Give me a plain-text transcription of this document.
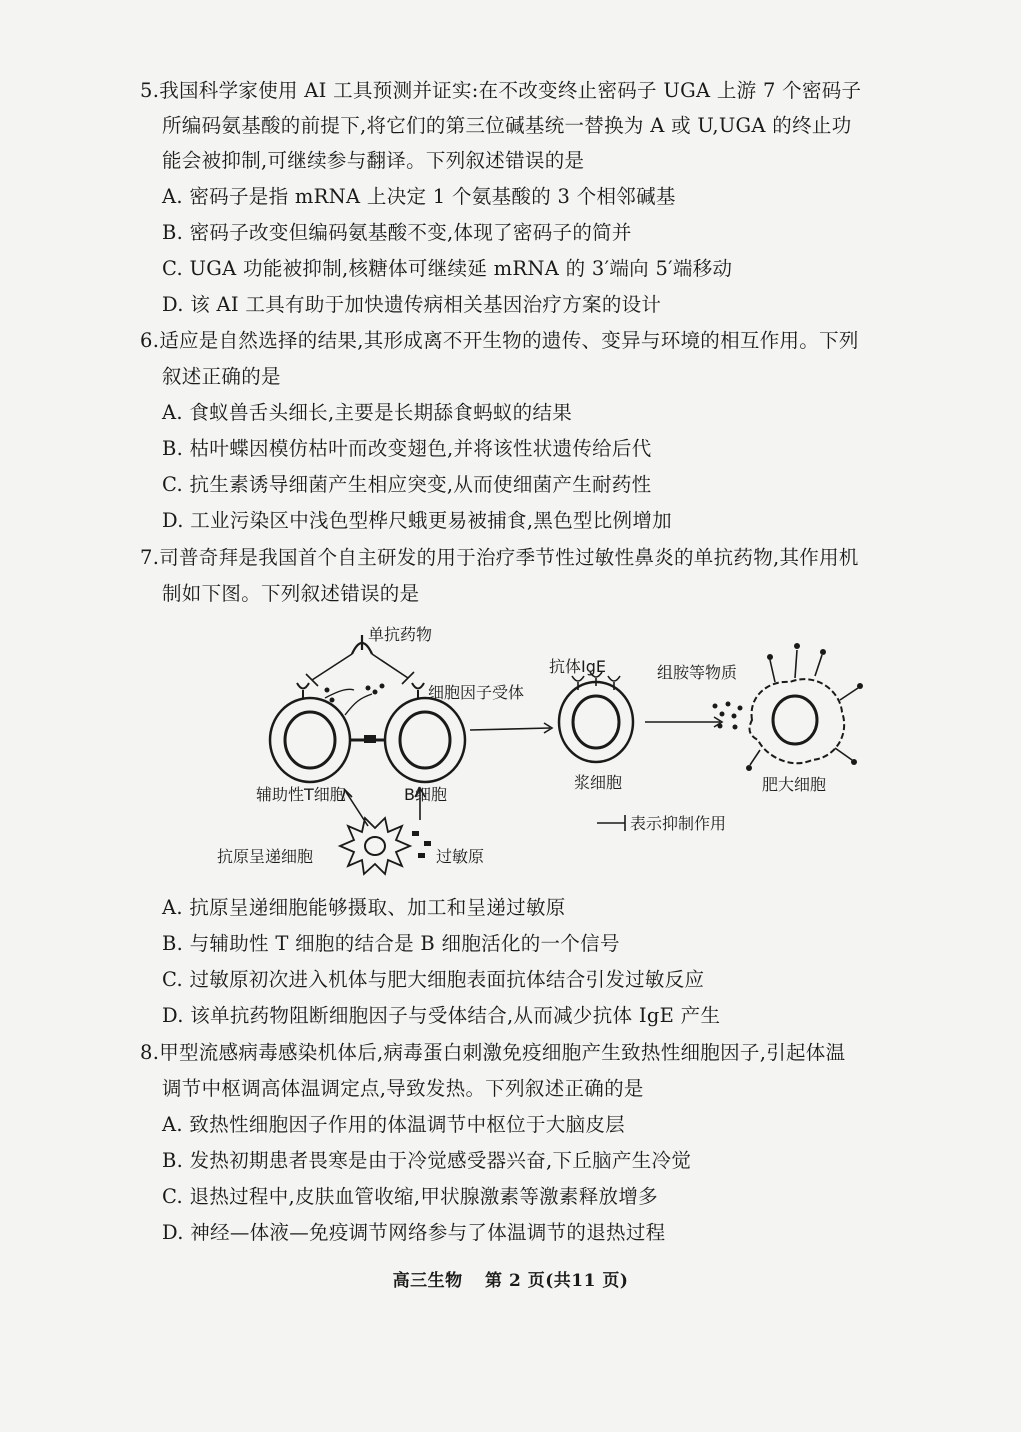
5.我国科学家使用 AI 工具预测并证实:在不改变终止密码子 UGA 上游 7 个密码子
所编码氨基酸的前提下,将它们的第三位碱基统一替换为 A 或 U,UGA 的终止功
能会被抑制,可继续参与翻译。下列叙述错误的是
A. 密码子是指 mRNA 上决定 1 个氨基酸的 3 个相邻碱基
B. 密码子改变但编码氨基酸不变,体现了密码子的简并
C. UGA 功能被抑制,核糖体可继续延 mRNA 的 3′端向 5′端移动
D. 该 AI 工具有助于加快遗传病相关基因治疗方案的设计
6.适应是自然选择的结果,其形成离不开生物的遗传、变异与环境的相互作用。下列
叙述正确的是
A. 食蚁兽舌头细长,主要是长期舔食蚂蚁的结果
B. 枯叶蝶因模仿枯叶而改变翅色,并将该性状遗传给后代
C. 抗生素诱导细菌产生相应突变,从而使细菌产生耐药性
D. 工业污染区中浅色型桦尺蛾更易被捕食,黑色型比例增加
7.司普奇拜是我国首个自主研发的用于治疗季节性过敏性鼻炎的单抗药物,其作用机
制如下图。下列叙述错误的是
单抗药物
细胞因子受体
抗体IgE	组胺等物质
辅助性T细胞	B细胞
浆细胞	肥大细胞
抗原呈递细胞	过敏原
表示抑制作用
A. 抗原呈递细胞能够摄取、加工和呈递过敏原
B. 与辅助性 T 细胞的结合是 B 细胞活化的一个信号
C. 过敏原初次进入机体与肥大细胞表面抗体结合引发过敏反应
D. 该单抗药物阻断细胞因子与受体结合,从而减少抗体 IgE 产生
8.甲型流感病毒感染机体后,病毒蛋白刺激免疫细胞产生致热性细胞因子,引起体温
调节中枢调高体温调定点,导致发热。下列叙述正确的是
A. 致热性细胞因子作用的体温调节中枢位于大脑皮层
B. 发热初期患者畏寒是由于冷觉感受器兴奋,下丘脑产生冷觉
C. 退热过程中,皮肤血管收缩,甲状腺激素等激素释放增多
D. 神经—体液—免疫调节网络参与了体温调节的退热过程
高三生物 第 2 页(共11 页)
